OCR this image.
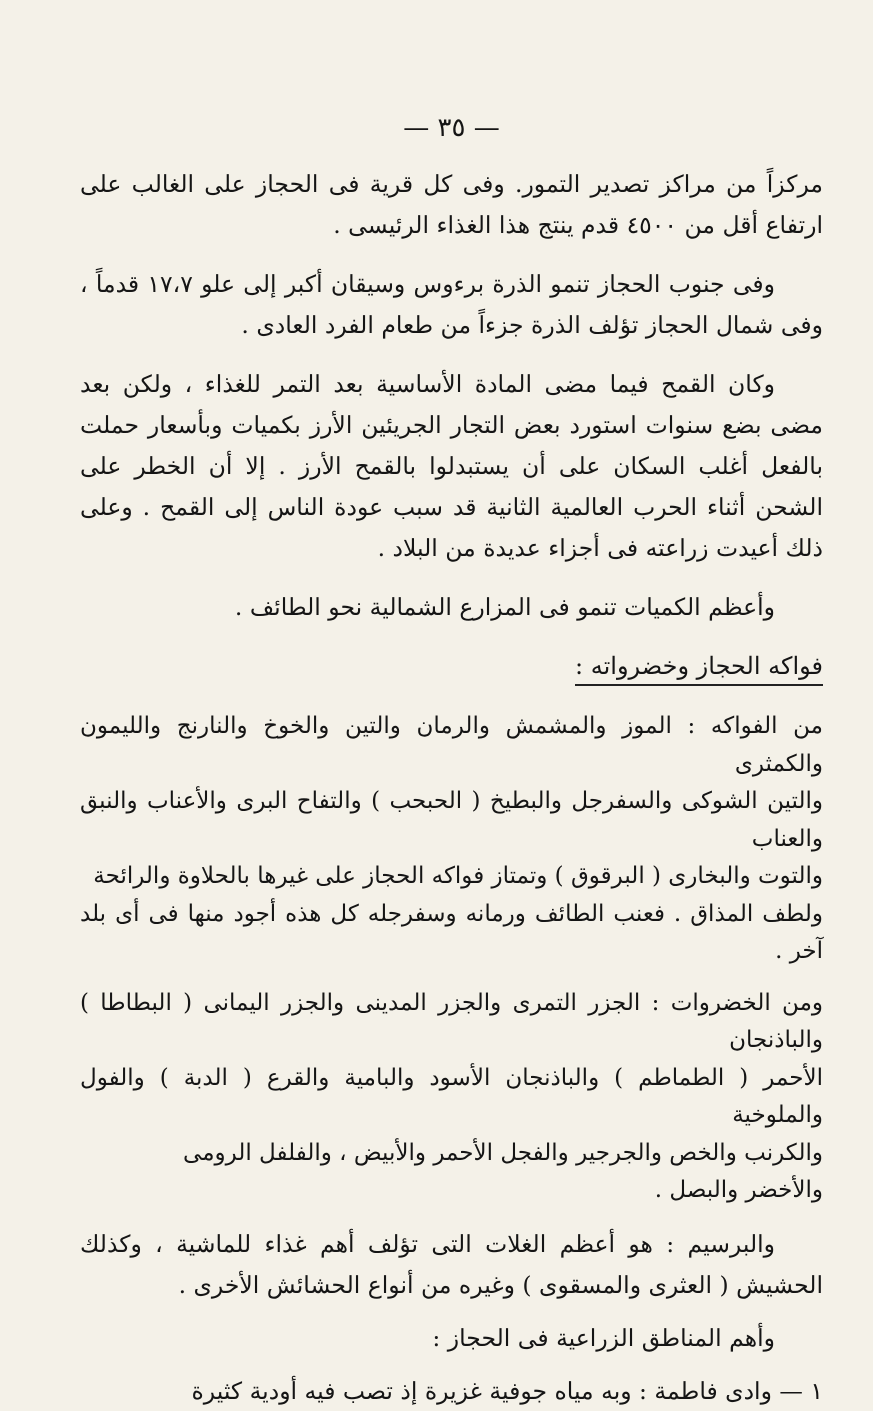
— ٣٥ —

مركزاً من مراكز تصدير التمور. وفى كل قرية فى الحجاز على الغالب على ارتفاع أقل من ٤٥٠٠ قدم ينتج هذا الغذاء الرئيسى .

وفى جنوب الحجاز تنمو الذرة برءوس وسيقان أكبر إلى علو ١٧،٧ قدماً ، وفى شمال الحجاز تؤلف الذرة جزءاً من طعام الفرد العادى .

وكان القمح فيما مضى المادة الأساسية بعد التمر للغذاء ، ولكن بعد مضى بضع سنوات استورد بعض التجار الجريئين الأرز بكميات وبأسعار حملت بالفعل أغلب السكان على أن يستبدلوا بالقمح الأرز . إلا أن الخطر على الشحن أثناء الحرب العالمية الثانية قد سبب عودة الناس إلى القمح . وعلى ذلك أعيدت زراعته فى أجزاء عديدة من البلاد .

وأعظم الكميات تنمو فى المزارع الشمالية نحو الطائف .

فواكه الحجاز وخضرواته :
من الفواكه : الموز والمشمش والرمان والتين والخوخ والنارنج والليمون والكمثرى
والتين الشوكى والسفرجل والبطيخ ( الحبحب ) والتفاح البرى والأعناب والنبق والعناب
والتوت والبخارى ( البرقوق ) وتمتاز فواكه الحجاز على غيرها بالحلاوة والرائحة
ولطف المذاق . فعنب الطائف ورمانه وسفرجله كل هذه أجود منها فى أى بلد آخر .
ومن الخضروات : الجزر التمرى والجزر المدينى والجزر اليمانى ( البطاطا ) والباذنجان
الأحمر ( الطماطم ) والباذنجان الأسود والبامية والقرع ( الدبة ) والفول والملوخية
والكرنب والخص والجرجير والفجل الأحمر والأبيض ، والفلفل الرومى
والأخضر والبصل .

والبرسيم : هو أعظم الغلات التى تؤلف أهم غذاء للماشية ، وكذلك الحشيش ( العثرى والمسقوى ) وغيره من أنواع الحشائش الأخرى .

وأهم المناطق الزراعية فى الحجاز :

١ — وادى فاطمة : وبه مياه جوفية غزيرة إذ تصب فيه أودية كثيرة
